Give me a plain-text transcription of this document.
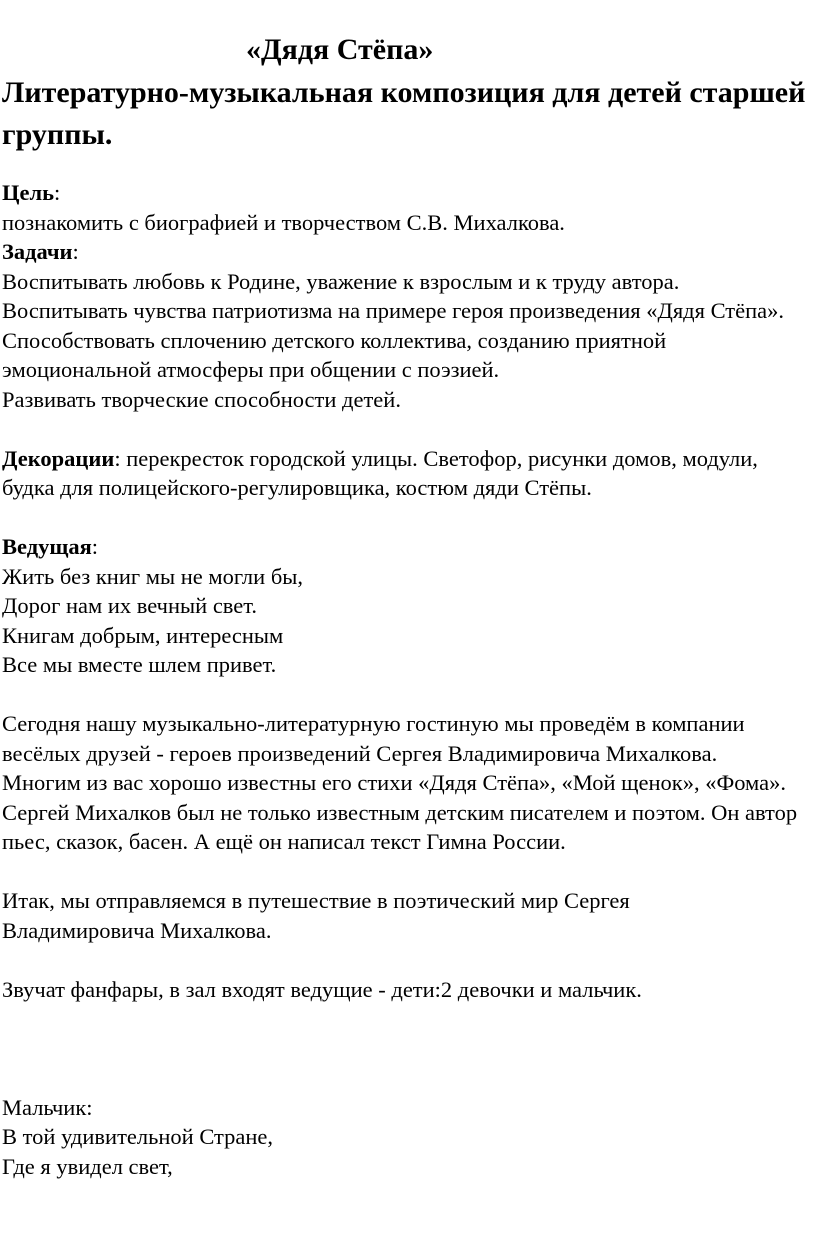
«Дядя Стёпа»
Литературно-музыкальная композиция для детей старшей группы.
Цель:
познакомить с биографией и творчеством С.В. Михалкова.
Задачи:
Воспитывать любовь к Родине, уважение к взрослым и к труду автора.
Воспитывать чувства патриотизма на примере героя произведения «Дядя Стёпа».
Способствовать сплочению детского коллектива, созданию приятной эмоциональной атмосферы при общении с поэзией.
Развивать творческие способности детей.
Декорации: перекресток городской улицы. Светофор, рисунки домов, модули, будка для полицейского-регулировщика, костюм дяди Стёпы.
Ведущая:
Жить без книг мы не могли бы,
Дорог нам их вечный свет.
Книгам добрым, интересным
Все мы вместе шлем привет.
Сегодня нашу музыкально-литературную гостиную мы проведём в компании весёлых друзей - героев произведений Сергея Владимировича Михалкова.
Многим из вас хорошо известны его стихи «Дядя Стёпа», «Мой щенок», «Фома». Сергей Михалков был не только известным детским писателем и поэтом. Он автор пьес, сказок, басен. А ещё он написал текст Гимна России.
Итак, мы отправляемся в путешествие в поэтический мир Сергея Владимировича Михалкова.
Звучат фанфары, в зал входят ведущие - дети:2 девочки и мальчик.
Мальчик:
В той удивительной Стране,
Где я увидел свет,
